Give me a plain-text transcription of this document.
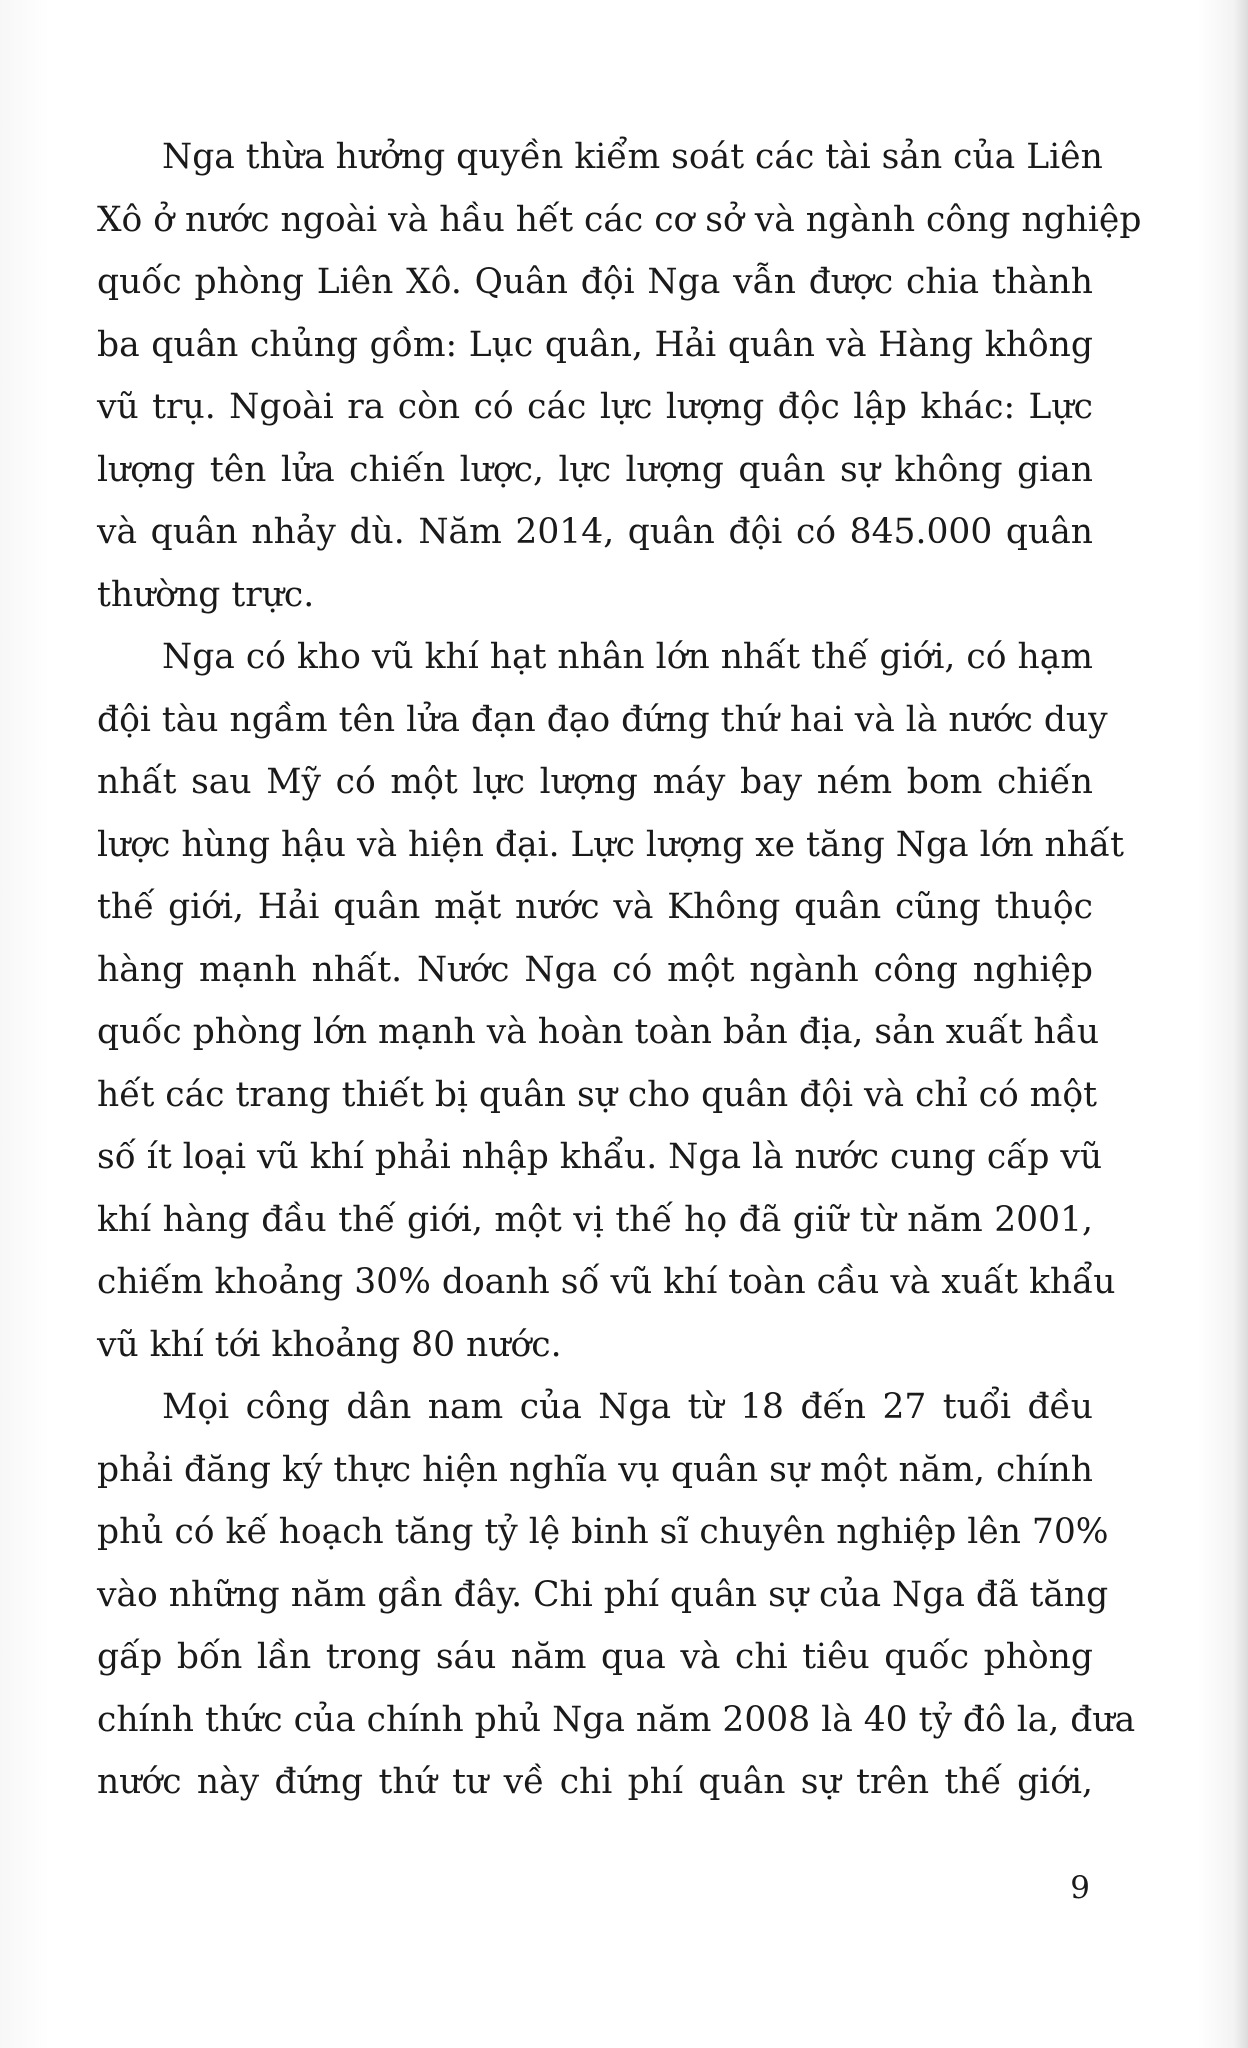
Nga thừa hưởng quyền kiểm soát các tài sản của Liên
Xô ở nước ngoài và hầu hết các cơ sở và ngành công nghiệp
quốc phòng Liên Xô. Quân đội Nga vẫn được chia thành
ba quân chủng gồm: Lục quân, Hải quân và Hàng không
vũ trụ. Ngoài ra còn có các lực lượng độc lập khác: Lực
lượng tên lửa chiến lược, lực lượng quân sự không gian
và quân nhảy dù. Năm 2014, quân đội có 845.000 quân
thường trực.
Nga có kho vũ khí hạt nhân lớn nhất thế giới, có hạm
đội tàu ngầm tên lửa đạn đạo đứng thứ hai và là nước duy
nhất sau Mỹ có một lực lượng máy bay ném bom chiến
lược hùng hậu và hiện đại. Lực lượng xe tăng Nga lớn nhất
thế giới, Hải quân mặt nước và Không quân cũng thuộc
hàng mạnh nhất. Nước Nga có một ngành công nghiệp
quốc phòng lớn mạnh và hoàn toàn bản địa, sản xuất hầu
hết các trang thiết bị quân sự cho quân đội và chỉ có một
số ít loại vũ khí phải nhập khẩu. Nga là nước cung cấp vũ
khí hàng đầu thế giới, một vị thế họ đã giữ từ năm 2001,
chiếm khoảng 30% doanh số vũ khí toàn cầu và xuất khẩu
vũ khí tới khoảng 80 nước.
Mọi công dân nam của Nga từ 18 đến 27 tuổi đều
phải đăng ký thực hiện nghĩa vụ quân sự một năm, chính
phủ có kế hoạch tăng tỷ lệ binh sĩ chuyên nghiệp lên 70%
vào những năm gần đây. Chi phí quân sự của Nga đã tăng
gấp bốn lần trong sáu năm qua và chi tiêu quốc phòng
chính thức của chính phủ Nga năm 2008 là 40 tỷ đô la, đưa
nước này đứng thứ tư về chi phí quân sự trên thế giới,
9
